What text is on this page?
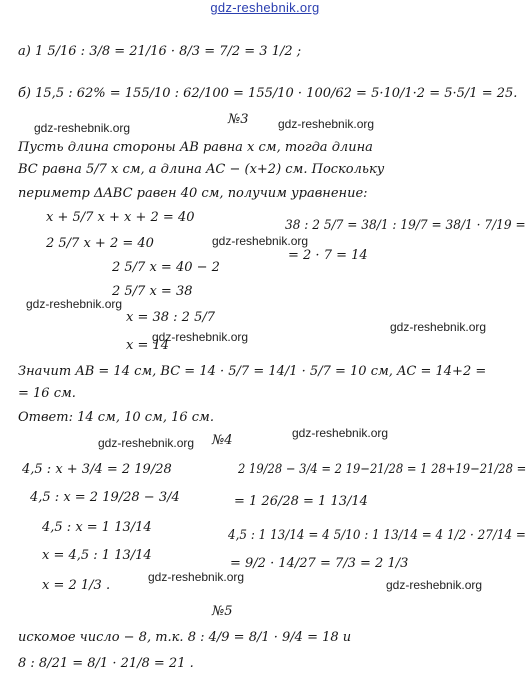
gdz-reshebnik.org
а) 1 5/16 : 3/8 = 21/16 · 8/3 = 7/2 = 3 1/2 ;
б) 15,5 : 62% = 155/10 : 62/100 = 155/10 · 100/62 = 5·10/1·2 = 5·5/1 = 25.
gdz-reshebnik.org
№3 gdz-reshebnik.org
Пусть длина стороны AB равна x см, тогда длина
BC равна 5/7 x см, а длина AC − (x+2) см. Поскольку
периметр ΔABC равен 40 см, получим уравнение:
x + 5/7 x + x + 2 = 40
38 : 2 5/7 = 38/1 : 19/7 = 38/1 · 7/19 =
2 5/7 x + 2 = 40	gdz-reshebnik.org
= 2 · 7 = 14
2 5/7 x = 40 − 2
2 5/7 x = 38
gdz-reshebnik.org
x = 38 : 2 5/7
gdz-reshebnik.org
gdz-reshebnik.org
x = 14
Значит AB = 14 см, BC = 14 · 5/7 = 14/1 · 5/7 = 10 см, AC = 14+2 =
= 16 см.
Ответ: 14 см, 10 см, 16 см.
gdz-reshebnik.org
gdz-reshebnik.org №4
4,5 : x + 3/4 = 2 19/28	2 19/28 − 3/4 = 2 19−21/28 = 1 28+19−21/28 =
4,5 : x = 2 19/28 − 3/4	= 1 26/28 = 1 13/14
4,5 : x = 1 13/14
4,5 : 1 13/14 = 4 5/10 : 1 13/14 = 4 1/2 · 27/14 =
x = 4,5 : 1 13/14
= 9/2 · 14/27 = 7/3 = 2 1/3
x = 2 1/3 .
gdz-reshebnik.org
gdz-reshebnik.org
№5
искомое число − 8, т.к. 8 : 4/9 = 8/1 · 9/4 = 18 и
8 : 8/21 = 8/1 · 21/8 = 21 .
